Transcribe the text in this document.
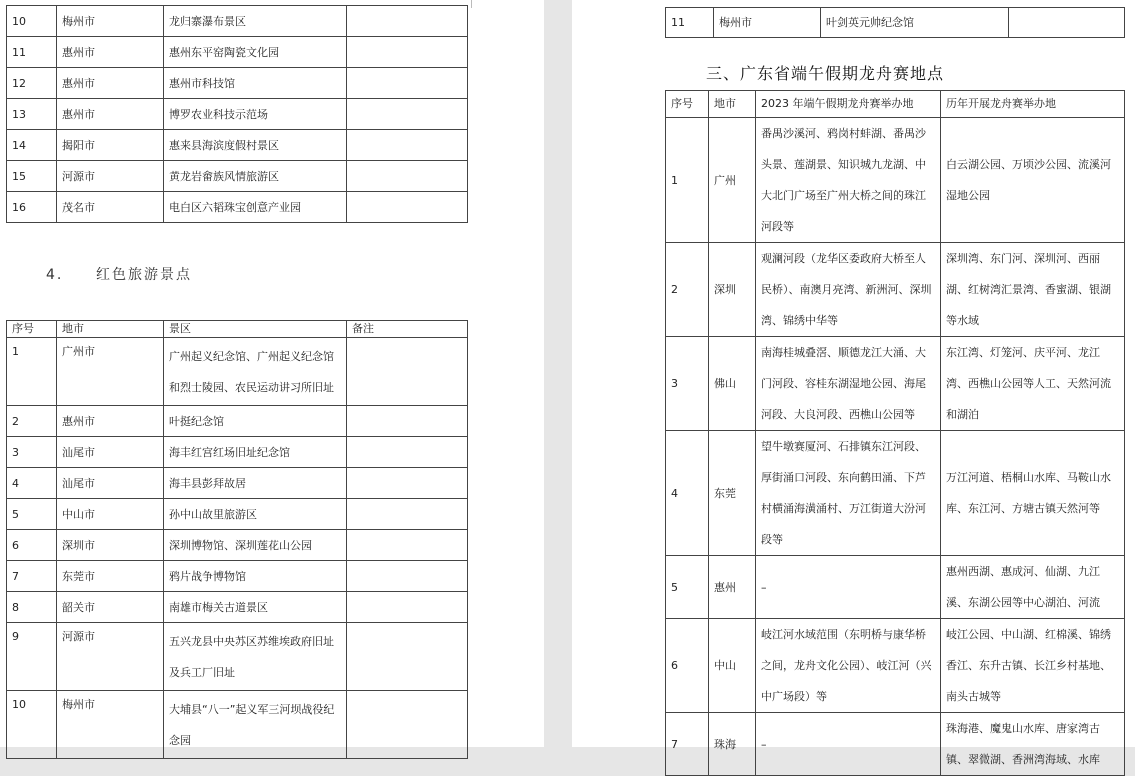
10	梅州市	龙归寨瀑布景区	
11	惠州市	惠州东平窑陶瓷文化园	
12	惠州市	惠州市科技馆	
13	惠州市	博罗农业科技示范场	
14	揭阳市	惠来县海滨度假村景区	
15	河源市	黄龙岩畲族风情旅游区	
16	茂名市	电白区六韬珠宝创意产业园	
4. 红色旅游景点
序号	地市	景区	备注
1	广州市	广州起义纪念馆、广州起义纪念馆和烈士陵园、农民运动讲习所旧址	
2	惠州市	叶挺纪念馆	
3	汕尾市	海丰红宫红场旧址纪念馆	
4	汕尾市	海丰县彭拜故居	
5	中山市	孙中山故里旅游区	
6	深圳市	深圳博物馆、深圳莲花山公园	
7	东莞市	鸦片战争博物馆	
8	韶关市	南雄市梅关古道景区	
9	河源市	五兴龙县中央苏区苏维埃政府旧址及兵工厂旧址	
10	梅州市	大埔县“八一”起义军三河坝战役纪念园	
11	梅州市	叶剑英元帅纪念馆	
三、广东省端午假期龙舟赛地点
序号	地市	2023 年端午假期龙舟赛举办地	历年开展龙舟赛举办地
1	广州	番禺沙溪河、鸦岗村蚌湖、番禺沙头景、莲湖景、知识城九龙湖、中大北门广场至广州大桥之间的珠江河段等	白云湖公园、万顷沙公园、流溪河湿地公园
2	深圳	观澜河段（龙华区委政府大桥至人民桥）、南澳月亮湾、新洲河、深圳湾、锦绣中华等	深圳湾、东门河、深圳河、西丽湖、红树湾汇景湾、香蜜湖、银湖等水域
3	佛山	南海桂城叠滘、顺德龙江大涌、大门河段、容桂东湖湿地公园、海尾河段、大良河段、西樵山公园等	东江湾、灯笼河、庆平河、龙江湾、西樵山公园等人工、天然河流和湖泊
4	东莞	望牛墩赛厦河、石排镇东江河段、厚街涌口河段、东向鹤田涌、下芦村横涌海潢涌村、万江街道大汾河段等	万江河道、梧桐山水库、马鞍山水库、东江河、方塘古镇天然河等
5	惠州	–	惠州西湖、惠成河、仙湖、九江溪、东湖公园等中心湖泊、河流
6	中山	岐江河水域范围（东明桥与康华桥之间，龙舟文化公园）、岐江河（兴中广场段）等	岐江公园、中山湖、红棉溪、锦绣香江、东升古镇、长江乡村基地、南头古城等
7	珠海	–	珠海港、魔鬼山水库、唐家湾古镇、翠微湖、香洲湾海域、水库
